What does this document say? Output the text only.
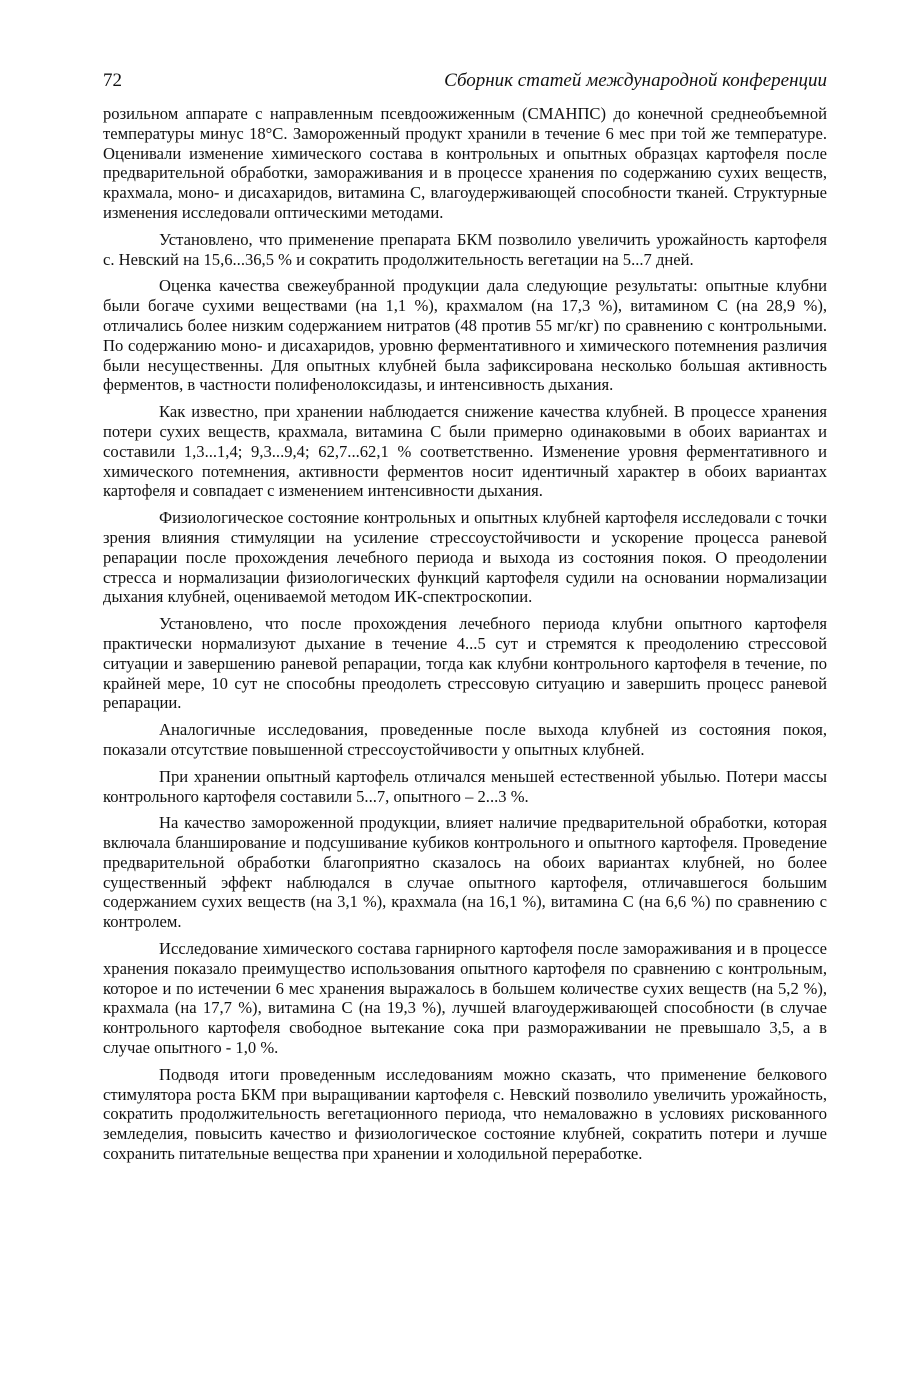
72	Сборник статей международной конференции

розильном аппарате с направленным псевдоожиженным (СМАНПС) до конечной среднеобъемной температуры минус 18°С. Замороженный продукт хранили в течение 6 мес при той же температуре. Оценивали изменение химического состава в контрольных и опытных образцах картофеля после предварительной обработки, замораживания и в процессе хранения по содержанию сухих веществ, крахмала, моно- и дисахаридов, витамина С, влагоудерживающей способности тканей. Структурные изменения исследовали оптическими методами.

Установлено, что применение препарата БКМ позволило увеличить урожайность картофеля с. Невский на 15,6...36,5 % и сократить продолжительность вегетации на 5...7 дней.

Оценка качества свежеубранной продукции дала следующие результаты: опытные клубни были богаче сухими веществами (на 1,1 %), крахмалом (на 17,3 %), витамином С (на 28,9 %), отличались более низким содержанием нитратов (48 против 55 мг/кг) по сравнению с контрольными. По содержанию моно- и дисахаридов, уровню ферментативного и химического потемнения различия были несущественны. Для опытных клубней была зафиксирована несколько большая активность ферментов, в частности полифенолоксидазы, и интенсивность дыхания.

Как известно, при хранении наблюдается снижение качества клубней. В процессе хранения потери сухих веществ, крахмала, витамина С были примерно одинаковыми в обоих вариантах и составили 1,3...1,4; 9,3...9,4; 62,7...62,1 % соответственно. Изменение уровня ферментативного и химического потемнения, активности ферментов носит идентичный характер в обоих вариантах картофеля и совпадает с изменением интенсивности дыхания.

Физиологическое состояние контрольных и опытных клубней картофеля исследовали с точки зрения влияния стимуляции на усиление стрессоустойчивости и ускорение процесса раневой репарации после прохождения лечебного периода и выхода из состояния покоя. О преодолении стресса и нормализации физиологических функций картофеля судили на основании нормализации дыхания клубней, оцениваемой методом ИК-спектроскопии.

Установлено, что после прохождения лечебного периода клубни опытного картофеля практически нормализуют дыхание в течение 4...5 сут и стремятся к преодолению стрессовой ситуации и завершению раневой репарации, тогда как клубни контрольного картофеля в течение, по крайней мере, 10 сут не способны преодолеть стрессовую ситуацию и завершить процесс раневой репарации.

Аналогичные исследования, проведенные после выхода клубней из состояния покоя, показали отсутствие повышенной стрессоустойчивости у опытных клубней.

При хранении опытный картофель отличался меньшей естественной убылью. Потери массы контрольного картофеля составили 5...7, опытного – 2...3 %.

На качество замороженной продукции, влияет наличие предварительной обработки, которая включала бланширование и подсушивание кубиков контрольного и опытного картофеля. Проведение предварительной обработки благоприятно сказалось на обоих вариантах клубней, но более существенный эффект наблюдался в случае опытного картофеля, отличавшегося большим содержанием сухих веществ (на 3,1 %), крахмала (на 16,1 %), витамина С (на 6,6 %) по сравнению с контролем.

Исследование химического состава гарнирного картофеля после замораживания и в процессе хранения показало преимущество использования опытного картофеля по сравнению с контрольным, которое и по истечении 6 мес хранения выражалось в большем количестве сухих веществ (на 5,2 %), крахмала (на 17,7 %), витамина С (на 19,3 %), лучшей влагоудерживающей способности (в случае контрольного картофеля свободное вытекание сока при размораживании не превышало 3,5, а в случае опытного - 1,0 %.

Подводя итоги проведенным исследованиям можно сказать, что применение белкового стимулятора роста БКМ при выращивании картофеля с. Невский позволило увеличить урожайность, сократить продолжительность вегетационного периода, что немаловажно в условиях рискованного земледелия, повысить качество и физиологическое состояние клубней, сократить потери и лучше сохранить питательные вещества при хранении и холодильной переработке.
